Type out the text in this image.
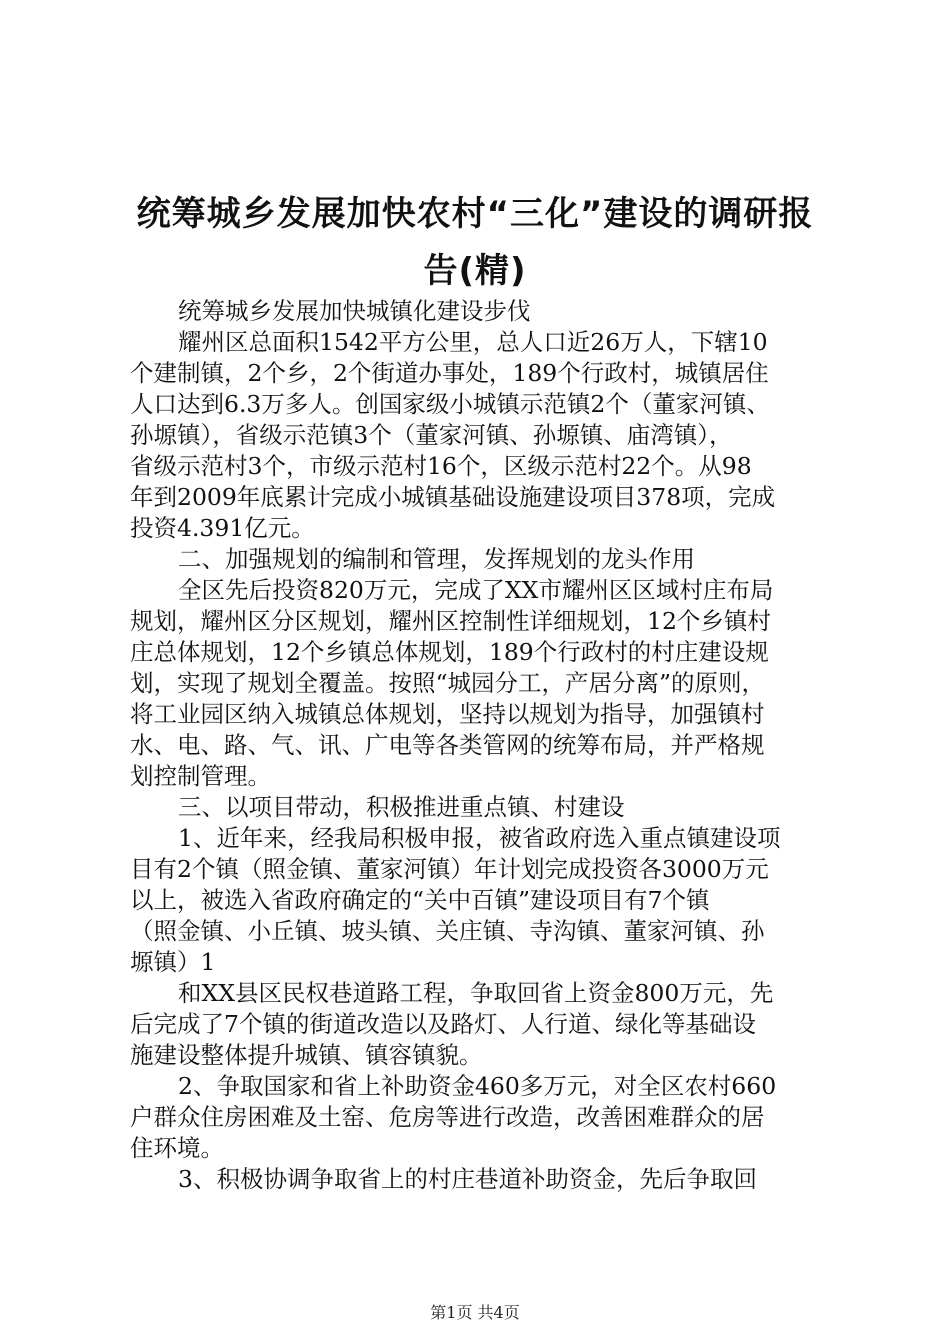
统筹城乡发展加快农村“三化”建设的调研报
告(精)
统筹城乡发展加快城镇化建设步伐
耀州区总面积1542平方公里，总人口近26万人，下辖10
个建制镇，2个乡，2个街道办事处，189个行政村，城镇居住
人口达到6.3万多人。创国家级小城镇示范镇2个（董家河镇、
孙塬镇），省级示范镇3个（董家河镇、孙塬镇、庙湾镇），
省级示范村3个，市级示范村16个，区级示范村22个。从98
年到2009年底累计完成小城镇基础设施建设项目378项，完成
投资4.391亿元。
二、加强规划的编制和管理，发挥规划的龙头作用
全区先后投资820万元，完成了XX市耀州区区域村庄布局
规划，耀州区分区规划，耀州区控制性详细规划，12个乡镇村
庄总体规划，12个乡镇总体规划，189个行政村的村庄建设规
划，实现了规划全覆盖。按照“城园分工，产居分离”的原则，
将工业园区纳入城镇总体规划，坚持以规划为指导，加强镇村
水、电、路、气、讯、广电等各类管网的统筹布局，并严格规
划控制管理。
三、以项目带动，积极推进重点镇、村建设
1、近年来，经我局积极申报，被省政府选入重点镇建设项
目有2个镇（照金镇、董家河镇）年计划完成投资各3000万元
以上，被选入省政府确定的“关中百镇”建设项目有7个镇
（照金镇、小丘镇、坡头镇、关庄镇、寺沟镇、董家河镇、孙
塬镇）1
和XX县区民权巷道路工程，争取回省上资金800万元，先
后完成了7个镇的街道改造以及路灯、人行道、绿化等基础设
施建设整体提升城镇、镇容镇貌。
2、争取国家和省上补助资金460多万元，对全区农村660
户群众住房困难及土窑、危房等进行改造，改善困难群众的居
住环境。
3、积极协调争取省上的村庄巷道补助资金，先后争取回
第1页 共4页
